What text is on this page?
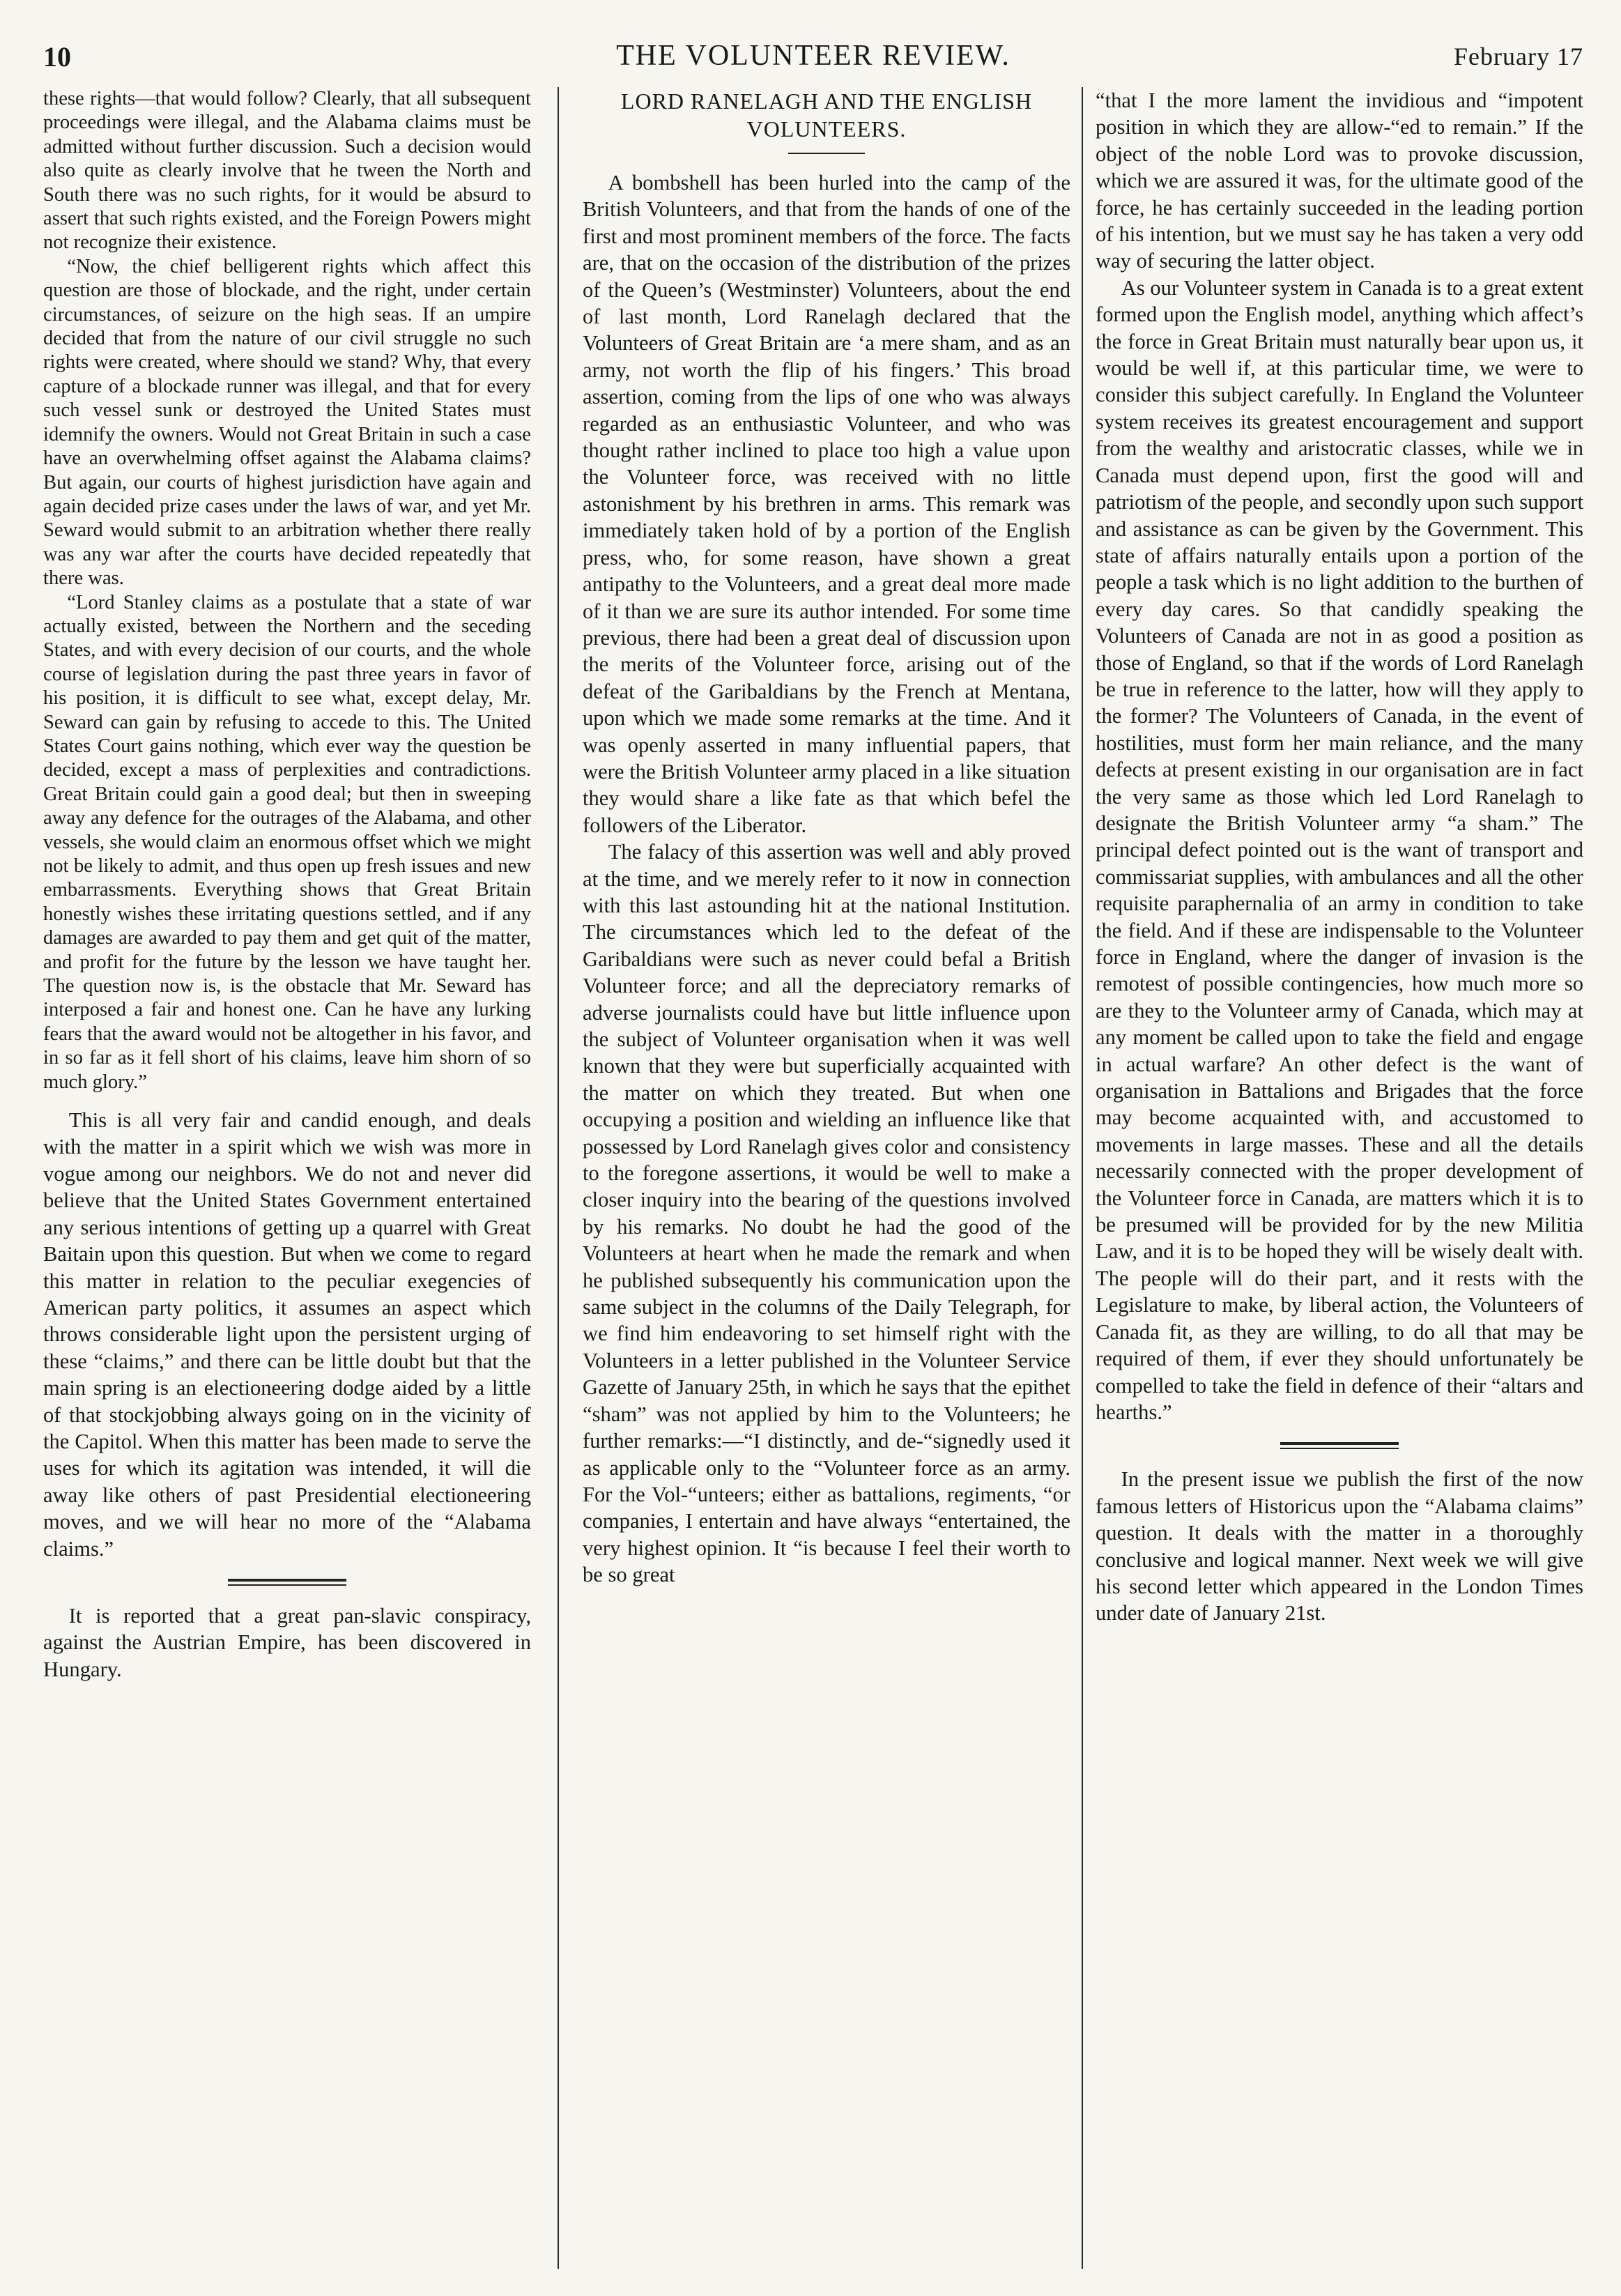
10	THE VOLUNTEER REVIEW.	February 17

these rights—that would follow? Clearly, that all subsequent proceedings were illegal, and the Alabama claims must be admitted without further discussion. Such a decision would also quite as clearly involve that he tween the North and South there was no such rights, for it would be absurd to assert that such rights existed, and the Foreign Powers might not recognize their existence.

“Now, the chief belligerent rights which affect this question are those of blockade, and the right, under certain circumstances, of seizure on the high seas. If an umpire decided that from the nature of our civil struggle no such rights were created, where should we stand? Why, that every capture of a blockade runner was illegal, and that for every such vessel sunk or destroyed the United States must idemnify the owners. Would not Great Britain in such a case have an overwhelming offset against the Alabama claims? But again, our courts of highest jurisdiction have again and again decided prize cases under the laws of war, and yet Mr. Seward would submit to an arbitration whether there really was any war after the courts have decided repeatedly that there was.

“Lord Stanley claims as a postulate that a state of war actually existed, between the Northern and the seceding States, and with every decision of our courts, and the whole course of legislation during the past three years in favor of his position, it is difficult to see what, except delay, Mr. Seward can gain by refusing to accede to this. The United States Court gains nothing, which ever way the question be decided, except a mass of perplexities and contradictions. Great Britain could gain a good deal; but then in sweeping away any defence for the outrages of the Alabama, and other vessels, she would claim an enormous offset which we might not be likely to admit, and thus open up fresh issues and new embarrassments. Everything shows that Great Britain honestly wishes these irritating questions settled, and if any damages are awarded to pay them and get quit of the matter, and profit for the future by the lesson we have taught her. The question now is, is the obstacle that Mr. Seward has interposed a fair and honest one. Can he have any lurking fears that the award would not be altogether in his favor, and in so far as it fell short of his claims, leave him shorn of so much glory.”

This is all very fair and candid enough, and deals with the matter in a spirit which we wish was more in vogue among our neighbors. We do not and never did believe that the United States Government entertained any serious intentions of getting up a quarrel with Great Baitain upon this question. But when we come to regard this matter in relation to the peculiar exegencies of American party politics, it assumes an aspect which throws considerable light upon the persistent urging of these “claims,” and there can be little doubt but that the main spring is an electioneering dodge aided by a little of that stockjobbing always going on in the vicinity of the Capitol. When this matter has been made to serve the uses for which its agitation was intended, it will die away like others of past Presidential electioneering moves, and we will hear no more of the “Alabama claims.”

It is reported that a great pan-slavic conspiracy, against the Austrian Empire, has been discovered in Hungary.

LORD RANELAGH AND THE ENGLISH VOLUNTEERS.

A bombshell has been hurled into the camp of the British Volunteers, and that from the hands of one of the first and most prominent members of the force. The facts are, that on the occasion of the distribution of the prizes of the Queen’s (Westminster) Volunteers, about the end of last month, Lord Ranelagh declared that the Volunteers of Great Britain are ‘a mere sham, and as an army, not worth the flip of his fingers.’ This broad assertion, coming from the lips of one who was always regarded as an enthusiastic Volunteer, and who was thought rather inclined to place too high a value upon the Volunteer force, was received with no little astonishment by his brethren in arms. This remark was immediately taken hold of by a portion of the English press, who, for some reason, have shown a great antipathy to the Volunteers, and a great deal more made of it than we are sure its author intended. For some time previous, there had been a great deal of discussion upon the merits of the Volunteer force, arising out of the defeat of the Garibaldians by the French at Mentana, upon which we made some remarks at the time. And it was openly asserted in many influential papers, that were the British Volunteer army placed in a like situation they would share a like fate as that which befel the followers of the Liberator.

The falacy of this assertion was well and ably proved at the time, and we merely refer to it now in connection with this last astounding hit at the national Institution. The circumstances which led to the defeat of the Garibaldians were such as never could befal a British Volunteer force; and all the depreciatory remarks of adverse journalists could have but little influence upon the subject of Volunteer organisation when it was well known that they were but superficially acquainted with the matter on which they treated. But when one occupying a position and wielding an influence like that possessed by Lord Ranelagh gives color and consistency to the foregone assertions, it would be well to make a closer inquiry into the bearing of the questions involved by his remarks. No doubt he had the good of the Volunteers at heart when he made the remark and when he published subsequently his communication upon the same subject in the columns of the Daily Telegraph, for we find him endeavoring to set himself right with the Volunteers in a letter published in the Volunteer Service Gazette of January 25th, in which he says that the epithet “sham” was not applied by him to the Volunteers; he further remarks:—“I distinctly, and de-“signedly used it as applicable only to the “Volunteer force as an army. For the Vol-“unteers; either as battalions, regiments, “or companies, I entertain and have always “entertained, the very highest opinion. It “is because I feel their worth to be so great

“that I the more lament the invidious and “impotent position in which they are allow-“ed to remain.” If the object of the noble Lord was to provoke discussion, which we are assured it was, for the ultimate good of the force, he has certainly succeeded in the leading portion of his intention, but we must say he has taken a very odd way of securing the latter object.

As our Volunteer system in Canada is to a great extent formed upon the English model, anything which affect’s the force in Great Britain must naturally bear upon us, it would be well if, at this particular time, we were to consider this subject carefully. In England the Volunteer system receives its greatest encouragement and support from the wealthy and aristocratic classes, while we in Canada must depend upon, first the good will and patriotism of the people, and secondly upon such support and assistance as can be given by the Government. This state of affairs naturally entails upon a portion of the people a task which is no light addition to the burthen of every day cares. So that candidly speaking the Volunteers of Canada are not in as good a position as those of England, so that if the words of Lord Ranelagh be true in reference to the latter, how will they apply to the former? The Volunteers of Canada, in the event of hostilities, must form her main reliance, and the many defects at present existing in our organisation are in fact the very same as those which led Lord Ranelagh to designate the British Volunteer army “a sham.” The principal defect pointed out is the want of transport and commissariat supplies, with ambulances and all the other requisite paraphernalia of an army in condition to take the field. And if these are indispensable to the Volunteer force in England, where the danger of invasion is the remotest of possible contingencies, how much more so are they to the Volunteer army of Canada, which may at any moment be called upon to take the field and engage in actual warfare? An other defect is the want of organisation in Battalions and Brigades that the force may become acquainted with, and accustomed to movements in large masses. These and all the details necessarily connected with the proper development of the Volunteer force in Canada, are matters which it is to be presumed will be provided for by the new Militia Law, and it is to be hoped they will be wisely dealt with. The people will do their part, and it rests with the Legislature to make, by liberal action, the Volunteers of Canada fit, as they are willing, to do all that may be required of them, if ever they should unfortunately be compelled to take the field in defence of their “altars and hearths.”

In the present issue we publish the first of the now famous letters of Historicus upon the “Alabama claims” question. It deals with the matter in a thoroughly conclusive and logical manner. Next week we will give his second letter which appeared in the London Times under date of January 21st.
